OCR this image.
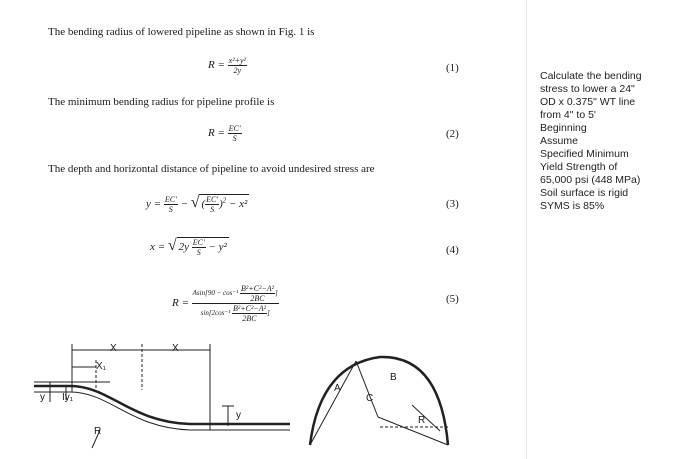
The bending radius of lowered pipeline as shown in Fig. 1 is
The minimum bending radius for pipeline profile is
The depth and horizontal distance of pipeline to avoid undesired stress are
$R = \frac{\text{x²+y²}}{2y}$	(1)
$R = \frac{EC'}{S}$	(2)
$y = \frac{EC'}{S}$ − √( $\frac{EC'}{S} )^2 - x^2$	(3)
x = √ $2y \frac{EC'}{S} - y^2$	(4)
R =
$Asin[90 - \cos^{-1} \frac{\text{B²+C²−A²}}{2BC}$ ]
$\sin[2\cos^{-1} \frac{\text{B²+C²−A²}}{2BC}$ ]
(5)
Calculate the bending
stress to lower a 24"
OD x 0.375" WT line
from 4" to 5'
Beginning
Assume
Specified Minimum
Yield Strength of
65,000 psi (448 MPa)
Soil surface is rigid
SYMS is 85%
X	X
X₁
y Iy₁
y
R
A
B
C
R
